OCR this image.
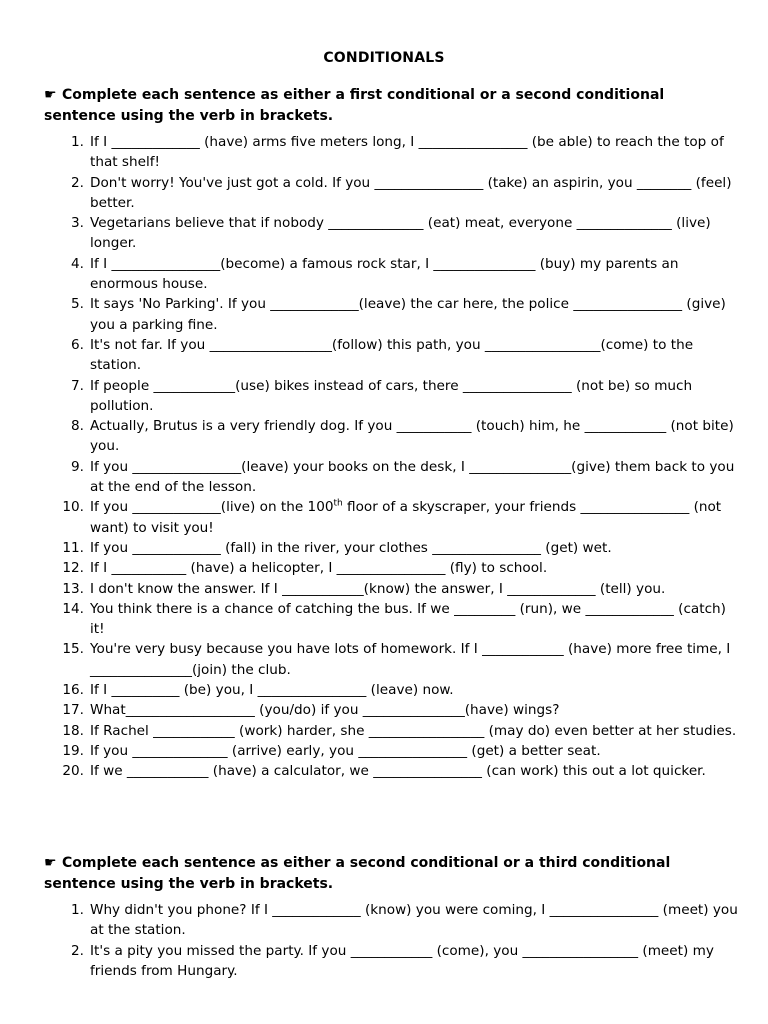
CONDITIONALS
☛ Complete each sentence as either a first conditional or a second conditional sentence using the verb in brackets.
1. If I _____________ (have) arms five meters long, I ________________ (be able) to reach the top of that shelf!
2. Don't worry! You've just got a cold. If you ________________ (take) an aspirin, you ________ (feel) better.
3. Vegetarians believe that if nobody ______________ (eat) meat, everyone ______________ (live) longer.
4. If I ________________(become) a famous rock star, I _______________ (buy) my parents an enormous house.
5. It says 'No Parking'. If you _____________(leave) the car here, the police ________________ (give) you a parking fine.
6. It's not far. If you __________________(follow) this path, you _________________(come) to the station.
7. If people ____________(use) bikes instead of cars, there ________________ (not be) so much pollution.
8. Actually, Brutus is a very friendly dog. If you ___________ (touch) him, he ____________ (not bite) you.
9. If you ________________(leave) your books on the desk, I _______________(give) them back to you at the end of the lesson.
10. If you _____________(live) on the 100th floor of a skyscraper, your friends ________________ (not want) to visit you!
11. If you _____________ (fall) in the river, your clothes ________________ (get) wet.
12. If I ___________ (have) a helicopter, I ________________ (fly) to school.
13. I don't know the answer. If I ____________(know) the answer, I _____________ (tell) you.
14. You think there is a chance of catching the bus. If we _________ (run), we _____________ (catch) it!
15. You're very busy because you have lots of homework. If I ____________ (have) more free time, I _______________(join) the club.
16. If I __________ (be) you, I ________________ (leave) now.
17. What___________________ (you/do) if you _______________(have) wings?
18. If Rachel ____________ (work) harder, she _________________ (may do) even better at her studies.
19. If you ______________ (arrive) early, you ________________ (get) a better seat.
20. If we ____________ (have) a calculator, we ________________ (can work) this out a lot quicker.
☛ Complete each sentence as either a second conditional or a third conditional sentence using the verb in brackets.
1. Why didn't you phone? If I _____________ (know) you were coming, I ________________ (meet) you at the station.
2. It's a pity you missed the party. If you ____________ (come), you _________________ (meet) my friends from Hungary.
